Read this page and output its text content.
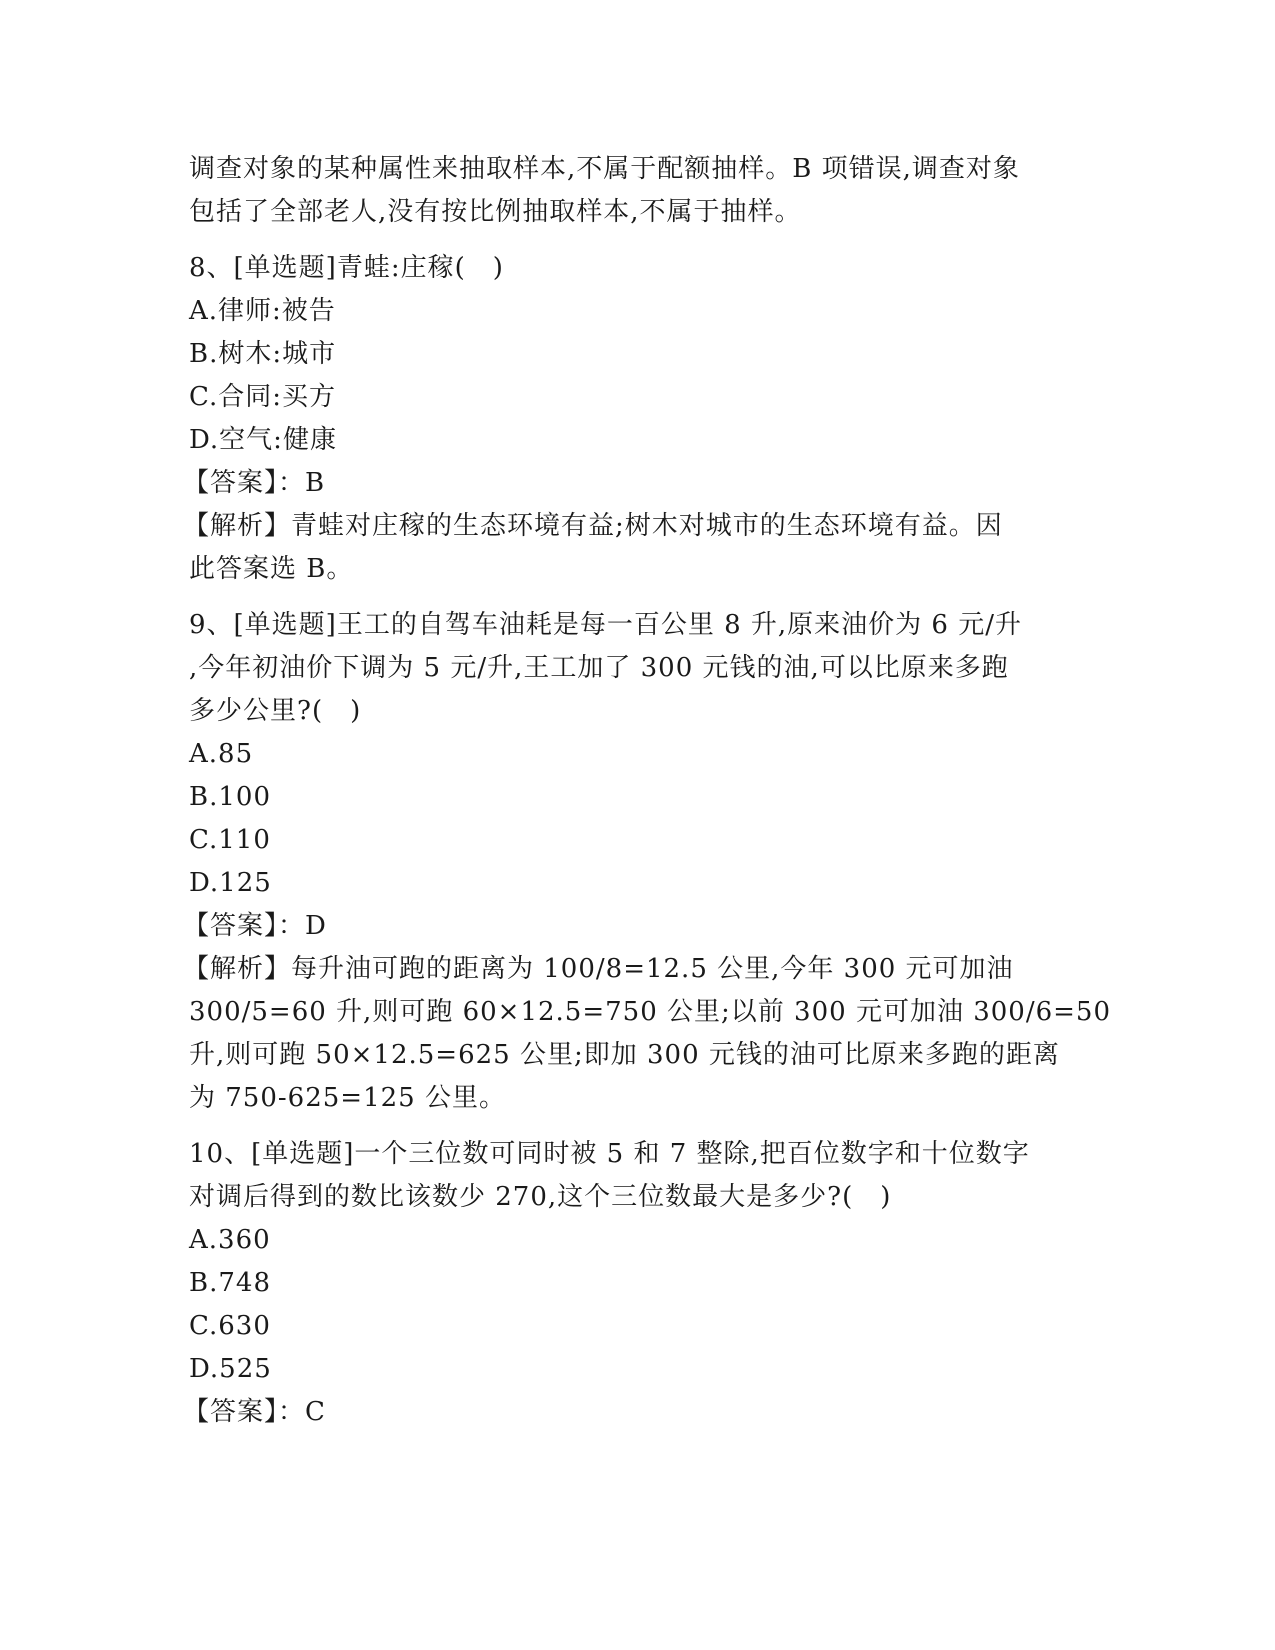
调查对象的某种属性来抽取样本,不属于配额抽样。B 项错误,调查对象
包括了全部老人,没有按比例抽取样本,不属于抽样。
8、[单选题]青蛙:庄稼(　)
A.律师:被告
B.树木:城市
C.合同:买方
D.空气:健康
【答案】：B
【解析】青蛙对庄稼的生态环境有益;树木对城市的生态环境有益。因
此答案选 B。
9、[单选题]王工的自驾车油耗是每一百公里 8 升,原来油价为 6 元/升
,今年初油价下调为 5 元/升,王工加了 300 元钱的油,可以比原来多跑
多少公里?(　)
A.85
B.100
C.110
D.125
【答案】：D
【解析】每升油可跑的距离为 100/8=12.5 公里,今年 300 元可加油
300/5=60 升,则可跑 60×12.5=750 公里;以前 300 元可加油 300/6=50
升,则可跑 50×12.5=625 公里;即加 300 元钱的油可比原来多跑的距离
为 750-625=125 公里。
10、[单选题]一个三位数可同时被 5 和 7 整除,把百位数字和十位数字
对调后得到的数比该数少 270,这个三位数最大是多少?(　)
A.360
B.748
C.630
D.525
【答案】：C
